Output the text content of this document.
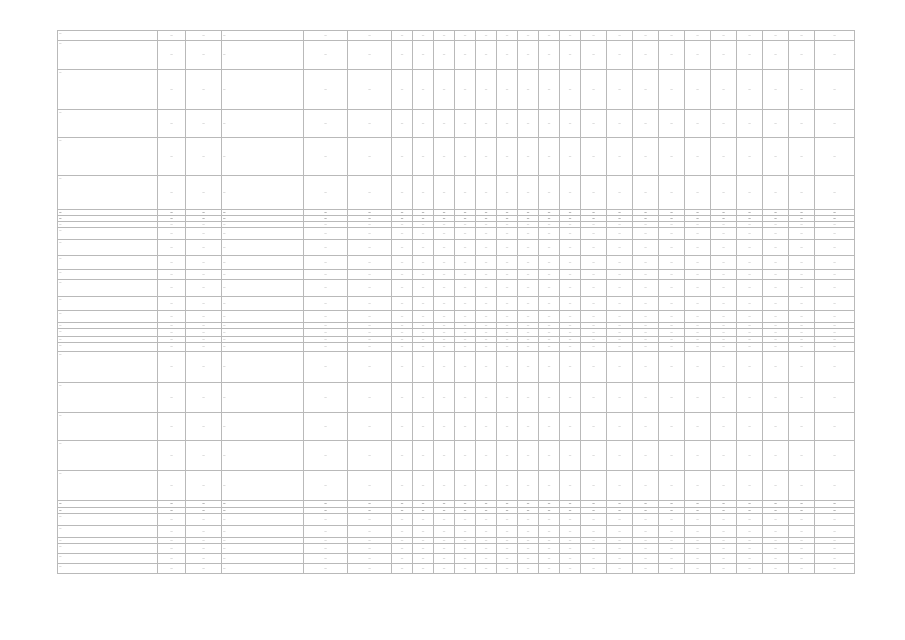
—	—	—	—	—	—	—	—	—	—	—	—	—	—	—	—	—	—	—	—	—	—	—	—	—
—	—	—	—	—	—	—	—	—	—	—	—	—	—	—	—	—	—	—	—	—	—	—	—	—
—	—	—	—	—	—	—	—	—	—	—	—	—	—	—	—	—	—	—	—	—	—	—	—	—
—	—	—	—	—	—	—	—	—	—	—	—	—	—	—	—	—	—	—	—	—	—	—	—	—
—	—	—	—	—	—	—	—	—	—	—	—	—	—	—	—	—	—	—	—	—	—	—	—	—
—	—	—	—	—	—	—	—	—	—	—	—	—	—	—	—	—	—	—	—	—	—	—	—	—
—	—	—	—	—	—	—	—	—	—	—	—	—	—	—	—	—	—	—	—	—	—	—	—	—
—	—	—	—	—	—	—	—	—	—	—	—	—	—	—	—	—	—	—	—	—	—	—	—	—
—	—	—	—	—	—	—	—	—	—	—	—	—	—	—	—	—	—	—	—	—	—	—	—	—
—	—	—	—	—	—	—	—	—	—	—	—	—	—	—	—	—	—	—	—	—	—	—	—	—
—	—	—	—	—	—	—	—	—	—	—	—	—	—	—	—	—	—	—	—	—	—	—	—	—
—	—	—	—	—	—	—	—	—	—	—	—	—	—	—	—	—	—	—	—	—	—	—	—	—
—	—	—	—	—	—	—	—	—	—	—	—	—	—	—	—	—	—	—	—	—	—	—	—	—
—	—	—	—	—	—	—	—	—	—	—	—	—	—	—	—	—	—	—	—	—	—	—	—	—
—	—	—	—	—	—	—	—	—	—	—	—	—	—	—	—	—	—	—	—	—	—	—	—	—
—	—	—	—	—	—	—	—	—	—	—	—	—	—	—	—	—	—	—	—	—	—	—	—	—
—	—	—	—	—	—	—	—	—	—	—	—	—	—	—	—	—	—	—	—	—	—	—	—	—
—	—	—	—	—	—	—	—	—	—	—	—	—	—	—	—	—	—	—	—	—	—	—	—	—
—	—	—	—	—	—	—	—	—	—	—	—	—	—	—	—	—	—	—	—	—	—	—	—	—
—	—	—	—	—	—	—	—	—	—	—	—	—	—	—	—	—	—	—	—	—	—	—	—	—
—	—	—	—	—	—	—	—	—	—	—	—	—	—	—	—	—	—	—	—	—	—	—	—	—
—	—	—	—	—	—	—	—	—	—	—	—	—	—	—	—	—	—	—	—	—	—	—	—	—
—	—	—	—	—	—	—	—	—	—	—	—	—	—	—	—	—	—	—	—	—	—	—	—	—
—	—	—	—	—	—	—	—	—	—	—	—	—	—	—	—	—	—	—	—	—	—	—	—	—
—	—	—	—	—	—	—	—	—	—	—	—	—	—	—	—	—	—	—	—	—	—	—	—	—
—	—	—	—	—	—	—	—	—	—	—	—	—	—	—	—	—	—	—	—	—	—	—	—	—
—	—	—	—	—	—	—	—	—	—	—	—	—	—	—	—	—	—	—	—	—	—	—	—	—
—	—	—	—	—	—	—	—	—	—	—	—	—	—	—	—	—	—	—	—	—	—	—	—	—
—	—	—	—	—	—	—	—	—	—	—	—	—	—	—	—	—	—	—	—	—	—	—	—	—
—	—	—	—	—	—	—	—	—	—	—	—	—	—	—	—	—	—	—	—	—	—	—	—	—
—	—	—	—	—	—	—	—	—	—	—	—	—	—	—	—	—	—	—	—	—	—	—	—	—
—	—	—	—	—	—	—	—	—	—	—	—	—	—	—	—	—	—	—	—	—	—	—	—	—
—	—	—	—	—	—	—	—	—	—	—	—	—	—	—	—	—	—	—	—	—	—	—	—	—
